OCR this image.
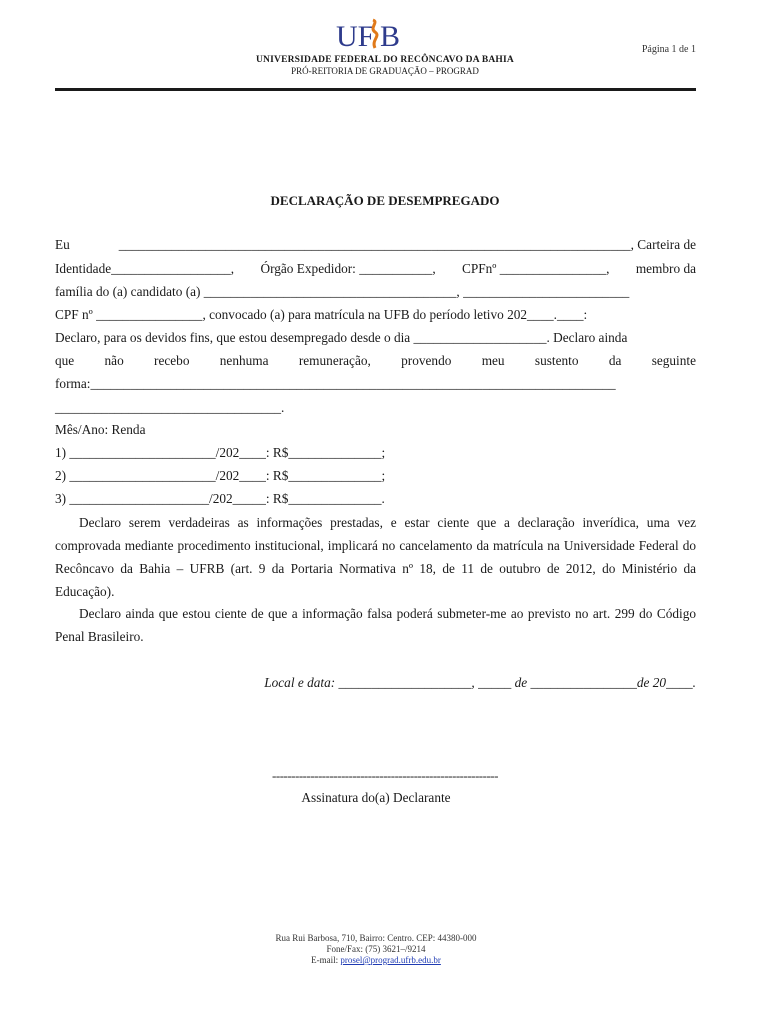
UF B	Página 1 de 1
UNIVERSIDADE FEDERAL DO RECÔNCAVO DA BAHIA
PRÓ-REITORIA DE GRADUAÇÃO – PROGRAD
DECLARAÇÃO DE DESEMPREGADO
Eu	_____________________________________________________________________________, Carteira de
Identidade__________________, Órgão Expedidor: ___________, CPFnº ________________, membro da
família do (a) candidato (a) ______________________________________, _________________________
CPF nº ________________, convocado (a) para matrícula na UFB do período letivo 202____.____:
Declaro, para os devidos fins, que estou desempregado desde o dia ____________________. Declaro ainda
que não recebo nenhuma remuneração, provendo meu sustento da seguinte
forma:_______________________________________________________________________________
__________________________________.
Mês/Ano: Renda
1) ______________________/202____: R$______________;
2) ______________________/202____: R$______________;
3) _____________________/202_____: R$______________.
Declaro serem verdadeiras as informações prestadas, e estar ciente que a declaração inverídica, uma vez comprovada mediante procedimento institucional, implicará no cancelamento da matrícula na Universidade Federal do Recôncavo da Bahia – UFRB (art. 9 da Portaria Normativa nº 18, de 11 de outubro de 2012, do Ministério da Educação).
Declaro ainda que estou ciente de que a informação falsa poderá submeter-me ao previsto no art. 299 do Código Penal Brasileiro.
Local e data: ____________________, _____ de ________________de 20____.
-----------------------------------------------------------
Assinatura do(a) Declarante
Rua Rui Barbosa, 710, Bairro: Centro. CEP: 44380-000
Fone/Fax: (75) 3621–/9214
E-mail: prosel@prograd.ufrb.edu.br
